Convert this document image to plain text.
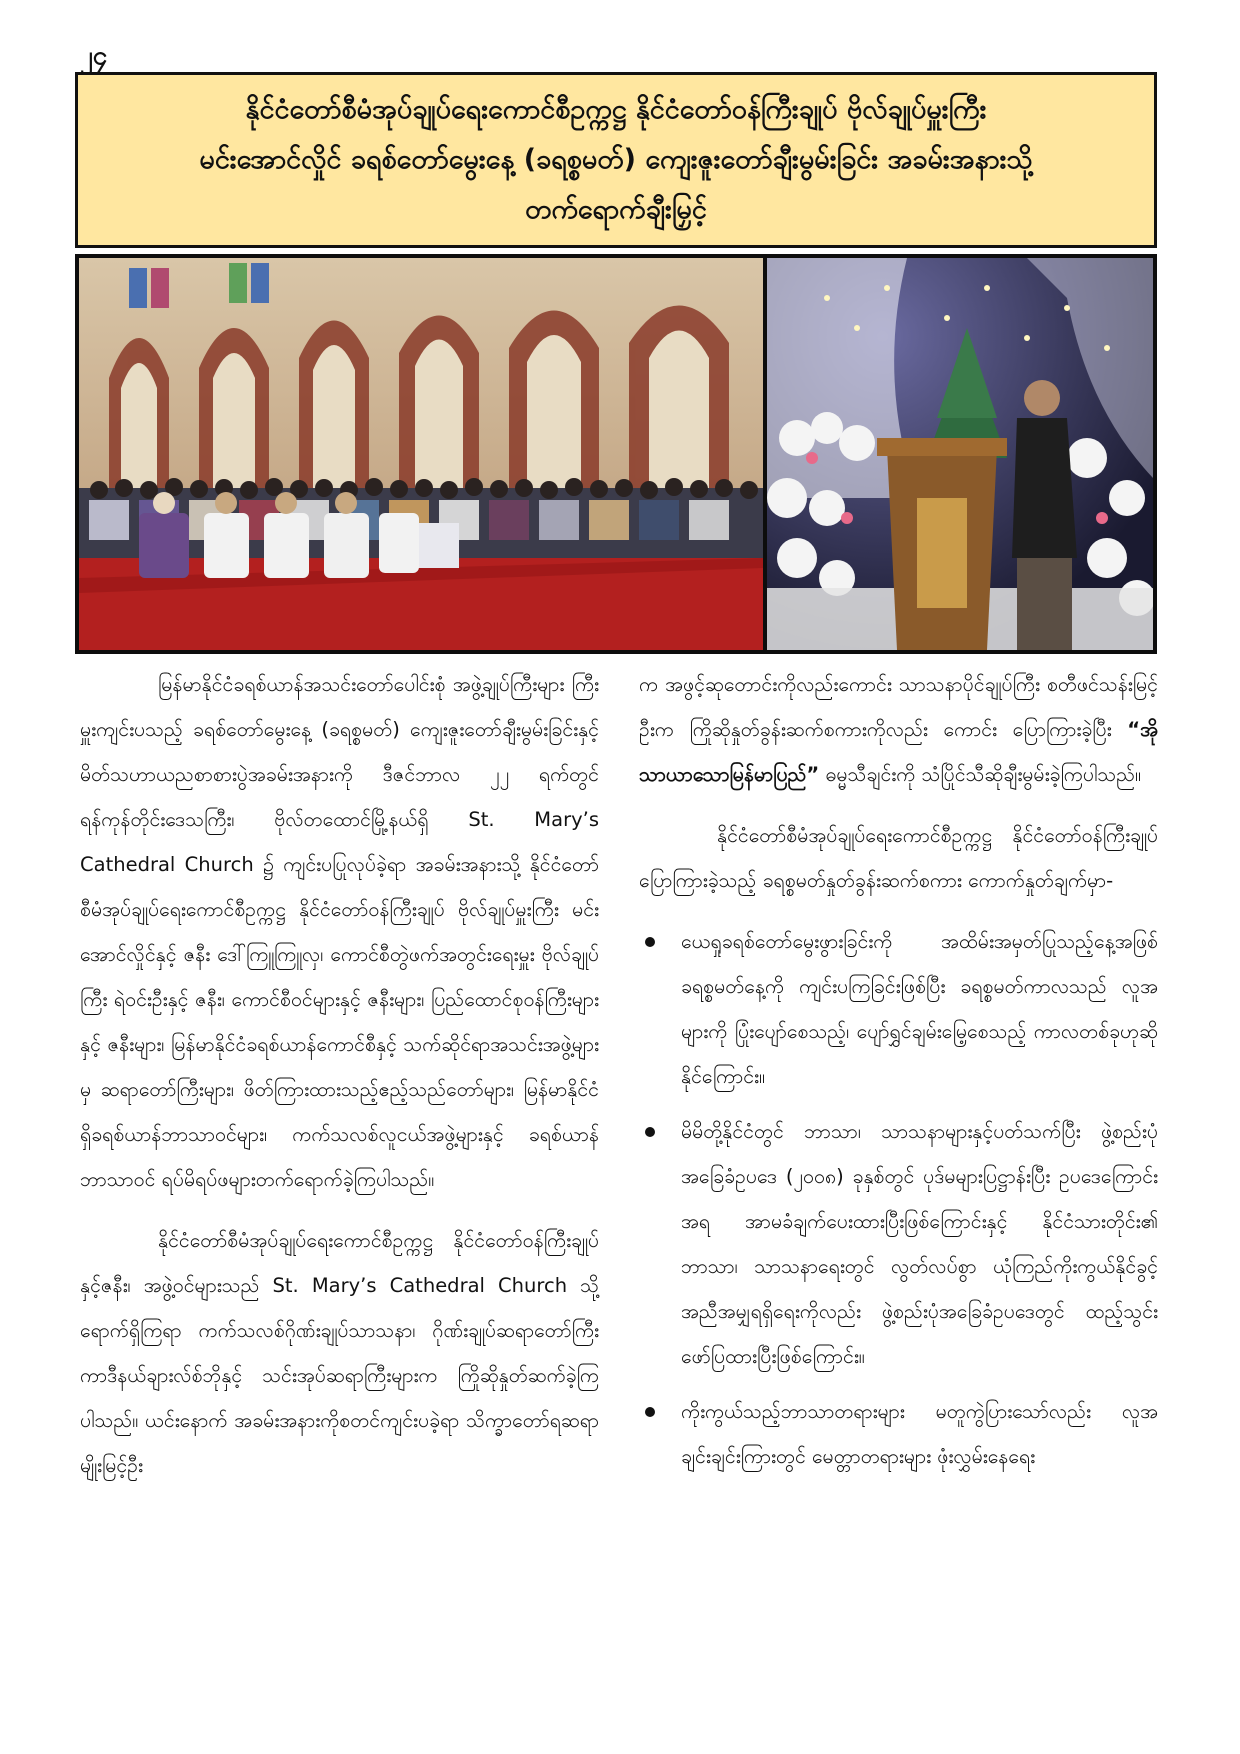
၂၄
နိုင်ငံတော်စီမံအုပ်ချုပ်ရေးကောင်စီဥက္ကဋ္ဌ နိုင်ငံတော်ဝန်ကြီးချုပ် ဗိုလ်ချုပ်မှူးကြီး
မင်းအောင်လှိုင် ခရစ်တော်မွေးနေ့ (ခရစ္စမတ်) ကျေးဇူးတော်ချီးမွမ်းခြင်း အခမ်းအနားသို့
တက်ရောက်ချီးမြှင့်

မြန်မာနိုင်ငံခရစ်ယာန်အသင်းတော်ပေါင်းစုံ အဖွဲ့ချုပ်ကြီးများ ကြီးမှူးကျင်းပသည့် ခရစ်တော်မွေးနေ့ (ခရစ္စမတ်) ကျေးဇူးတော်ချီးမွမ်းခြင်းနှင့် မိတ်သဟာယညစာစားပွဲအခမ်းအနားကို ဒီဇင်ဘာလ ၂၂ ရက်တွင် ရန်ကုန်တိုင်းဒေသကြီး၊ ဗိုလ်တထောင်မြို့နယ်ရှိ St. Mary’s Cathedral Church ၌ ကျင်းပပြုလုပ်ခဲ့ရာ အခမ်းအနားသို့ နိုင်ငံတော်စီမံအုပ်ချုပ်ရေးကောင်စီဥက္ကဋ္ဌ နိုင်ငံတော်ဝန်ကြီးချုပ် ဗိုလ်ချုပ်မှူးကြီး မင်းအောင်လှိုင်နှင့် ဇနီး ဒေါ်ကြူကြူလှ၊ ကောင်စီတွဲဖက်အတွင်းရေးမှူး ဗိုလ်ချုပ်ကြီး ရဲဝင်းဦးနှင့် ဇနီး၊ ကောင်စီဝင်များနှင့် ဇနီးများ၊ ပြည်ထောင်စုဝန်ကြီးများနှင့် ဇနီးများ၊ မြန်မာနိုင်ငံခရစ်ယာန်ကောင်စီနှင့် သက်ဆိုင်ရာအသင်းအဖွဲ့များမှ ဆရာတော်ကြီးများ၊ ဖိတ်ကြားထားသည့်ဧည့်သည်တော်များ၊ မြန်မာနိုင်ငံရှိခရစ်ယာန်ဘာသာဝင်များ၊ ကက်သလစ်လူငယ်အဖွဲ့များနှင့် ခရစ်ယာန်ဘာသာဝင် ရပ်မိရပ်ဖများတက်ရောက်ခဲ့ကြပါသည်။

နိုင်ငံတော်စီမံအုပ်ချုပ်ရေးကောင်စီဥက္ကဋ္ဌ နိုင်ငံတော်ဝန်ကြီးချုပ်နှင့်ဇနီး၊ အဖွဲ့ဝင်များသည် St. Mary’s Cathedral Church သို့ ရောက်ရှိကြရာ ကက်သလစ်ဂိုဏ်းချုပ်သာသနာ၊ ဂိုဏ်းချုပ်ဆရာတော်ကြီး ကာဒီနယ်ချားလ်စ်ဘိုနှင့် သင်းအုပ်ဆရာကြီးများက ကြိုဆိုနှုတ်ဆက်ခဲ့ကြပါသည်။ ယင်းနောက် အခမ်းအနားကိုစတင်ကျင်းပခဲ့ရာ သိက္ခာတော်ရဆရာ မျိုးမြင့်ဦး

က အဖွင့်ဆုတောင်းကိုလည်းကောင်း သာသနာပိုင်ချုပ်ကြီး စတီဖင်သန်းမြင့်ဦးက ကြိုဆိုနှုတ်ခွန်းဆက်စကားကိုလည်း ကောင်း ပြောကြားခဲ့ပြီး “အိုသာယာသောမြန်မာပြည်” ဓမ္မသီချင်းကို သံပြိုင်သီဆိုချီးမွမ်းခဲ့ကြပါသည်။

နိုင်ငံတော်စီမံအုပ်ချုပ်ရေးကောင်စီဥက္ကဋ္ဌ နိုင်ငံတော်ဝန်ကြီးချုပ် ပြောကြားခဲ့သည့် ခရစ္စမတ်နှုတ်ခွန်းဆက်စကား ကောက်နှုတ်ချက်မှာ-

ယေရှုခရစ်တော်မွေးဖွားခြင်းကို အထိမ်းအမှတ်ပြုသည့်နေ့အဖြစ် ခရစ္စမတ်နေ့ကို ကျင်းပကြခြင်းဖြစ်ပြီး ခရစ္စမတ်ကာလသည် လူအများကို ပြုံးပျော်စေသည့်၊ ပျော်ရွှင်ချမ်းမြေ့စေသည့် ကာလတစ်ခုဟုဆိုနိုင်ကြောင်း။
မိမိတို့နိုင်ငံတွင် ဘာသာ၊ သာသနာများနှင့်ပတ်သက်ပြီး ဖွဲ့စည်းပုံအခြေခံဥပဒေ (၂၀၀၈) ခုနှစ်တွင် ပုဒ်မများပြဋ္ဌာန်းပြီး ဥပဒေကြောင်းအရ အာမခံချက်ပေးထားပြီးဖြစ်ကြောင်းနှင့် နိုင်ငံသားတိုင်း၏ ဘာသာ၊ သာသနာရေးတွင် လွတ်လပ်စွာ ယုံကြည်ကိုးကွယ်နိုင်ခွင့်အညီအမျှရရှိရေးကိုလည်း ဖွဲ့စည်းပုံအခြေခံဥပဒေတွင် ထည့်သွင်းဖော်ပြထားပြီးဖြစ်ကြောင်း။
ကိုးကွယ်သည့်ဘာသာတရားများ မတူကွဲပြားသော်လည်း လူအချင်းချင်းကြားတွင် မေတ္တာတရားများ ဖုံးလွှမ်းနေရေး
